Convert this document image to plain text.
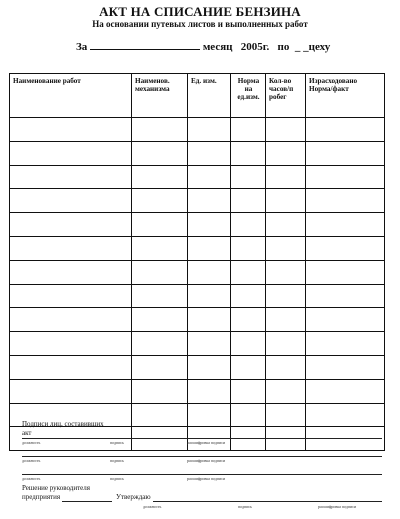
АКТ НА СПИСАНИЕ БЕНЗИНА
На основании путевых листов и выполненных работ
За	месяц 2005г. по _ _цеху
Наименование работ	Наименов. механизма	Ед. изм.	Норма на ед.изм.	Кол-во часов/п робег	Израсходовано Норма/факт

Подписи лиц, составивших
акт
должность	подпись	расшифровка подписи
должность	подпись	расшифровка подписи
должность	подпись	расшифровка подписи
Решение руководителя
предприятия	Утверждаю
должность	подпись	расшифровка подписи
